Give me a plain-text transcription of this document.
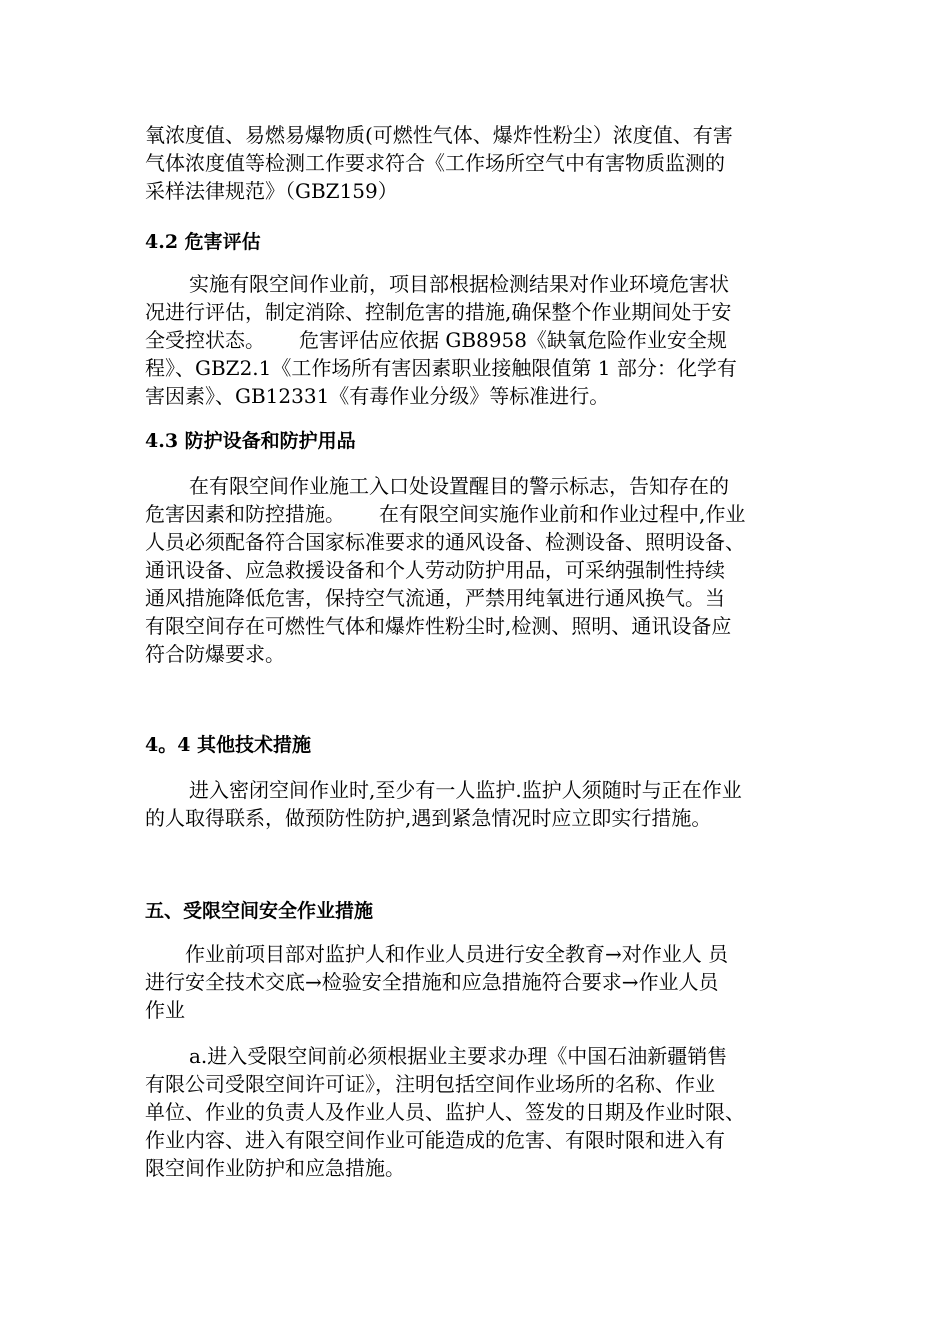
氧浓度值、易燃易爆物质(可燃性气体、爆炸性粉尘）浓度值、有害
气体浓度值等检测工作要求符合《工作场所空气中有害物质监测的
采样法律规范》（GBZ159）

4.2 危害评估

实施有限空间作业前，项目部根据检测结果对作业环境危害状
况进行评估，制定消除、控制危害的措施,确保整个作业期间处于安
全受控状态。 危害评估应依据 GB8958《缺氧危险作业安全规
程》、GBZ2.1《工作场所有害因素职业接触限值第 1 部分：化学有
害因素》、GB12331《有毒作业分级》等标准进行。

4.3 防护设备和防护用品

在有限空间作业施工入口处设置醒目的警示标志，告知存在的
危害因素和防控措施。 在有限空间实施作业前和作业过程中,作业
人员必须配备符合国家标准要求的通风设备、检测设备、照明设备、
通讯设备、应急救援设备和个人劳动防护用品，可采纳强制性持续
通风措施降低危害，保持空气流通，严禁用纯氧进行通风换气。当
有限空间存在可燃性气体和爆炸性粉尘时,检测、照明、通讯设备应
符合防爆要求。

4。4 其他技术措施

进入密闭空间作业时,至少有一人监护.监护人须随时与正在作业
的人取得联系，做预防性防护,遇到紧急情况时应立即实行措施。

五、受限空间安全作业措施

作业前项目部对监护人和作业人员进行安全教育→对作业人 员
进行安全技术交底→检验安全措施和应急措施符合要求→作业人员
作业

a.进入受限空间前必须根据业主要求办理《中国石油新疆销售
有限公司受限空间许可证》，注明包括空间作业场所的名称、作业
单位、作业的负责人及作业人员、监护人、签发的日期及作业时限、
作业内容、进入有限空间作业可能造成的危害、有限时限和进入有
限空间作业防护和应急措施。
